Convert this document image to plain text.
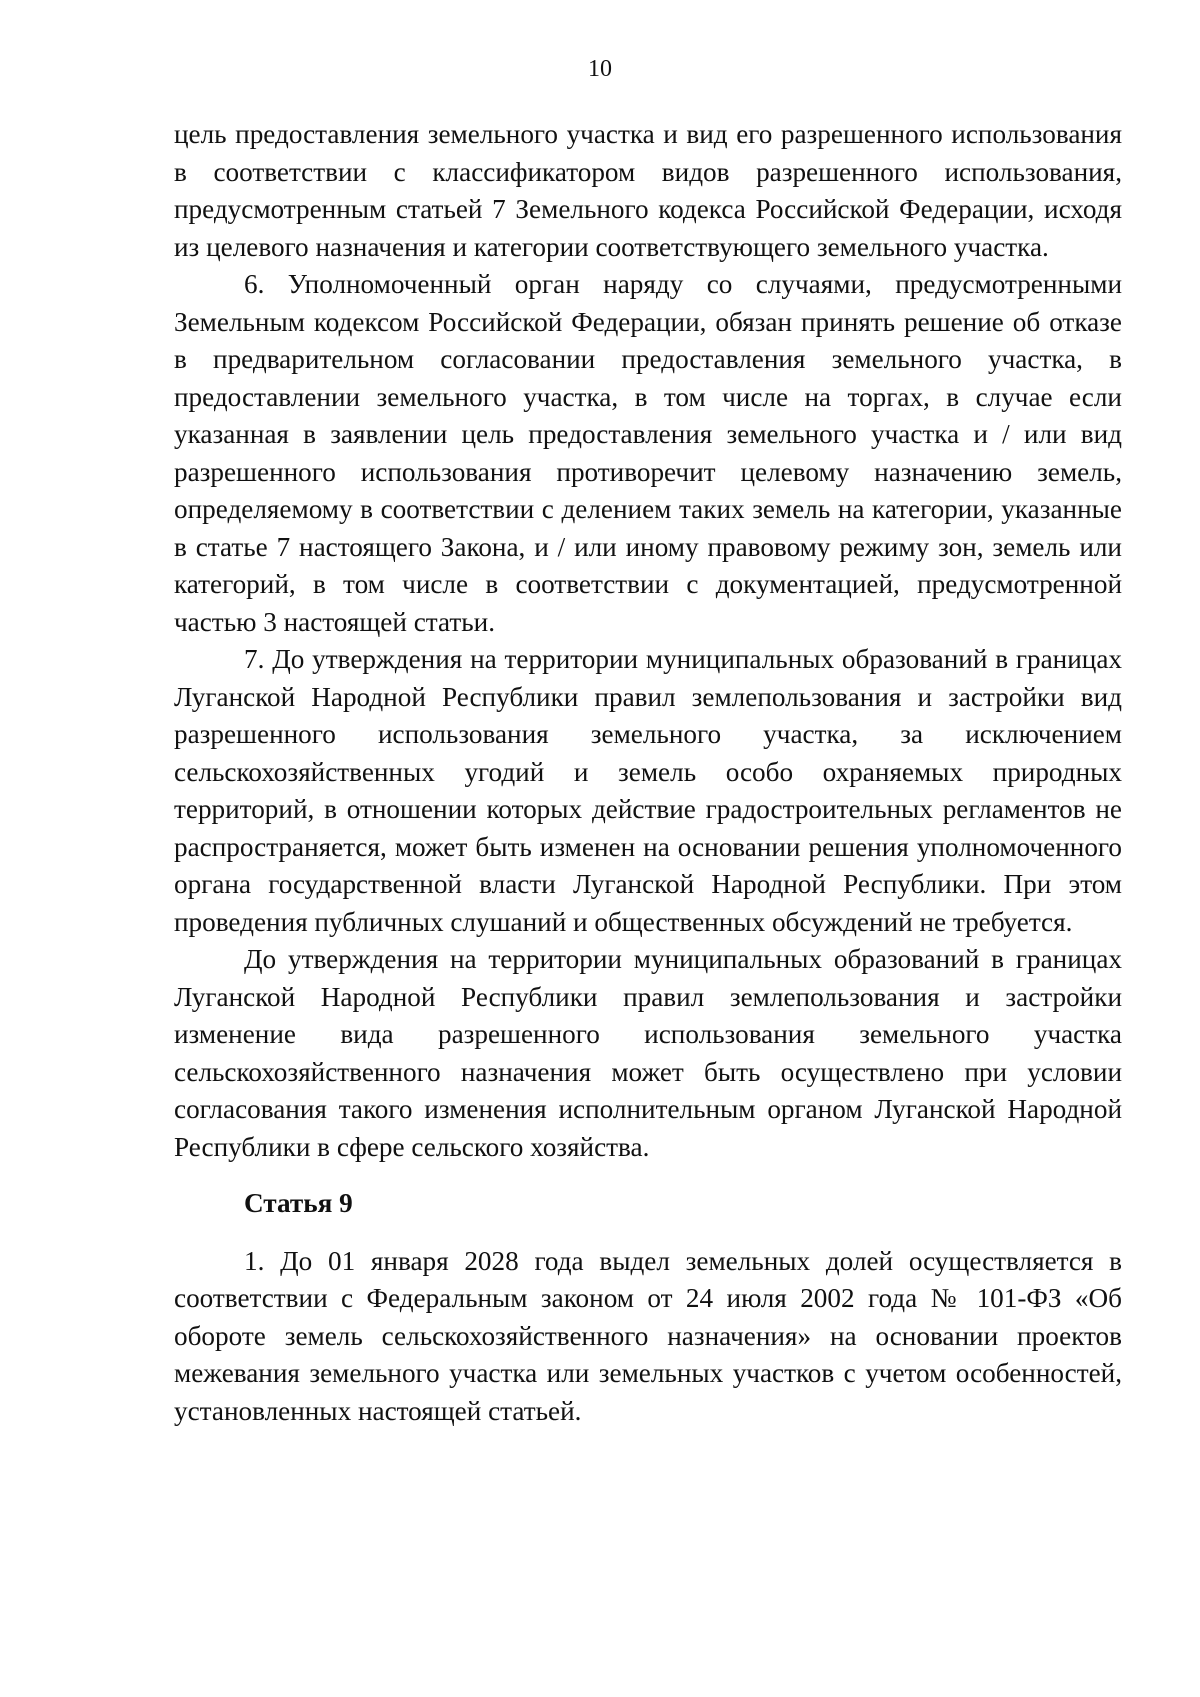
10

цель предоставления земельного участка и вид его разрешенного использования в соответствии с классификатором видов разрешенного использования, предусмотренным статьей 7 Земельного кодекса Российской Федерации, исходя из целевого назначения и категории соответствующего земельного участка.

6. Уполномоченный орган наряду со случаями, предусмотренными Земельным кодексом Российской Федерации, обязан принять решение об отказе в предварительном согласовании предоставления земельного участка, в предоставлении земельного участка, в том числе на торгах, в случае если указанная в заявлении цель предоставления земельного участка и / или вид разрешенного использования противоречит целевому назначению земель, определяемому в соответствии с делением таких земель на категории, указанные в статье 7 настоящего Закона, и / или иному правовому режиму зон, земель или категорий, в том числе в соответствии с документацией, предусмотренной частью 3 настоящей статьи.

7. До утверждения на территории муниципальных образований в границах Луганской Народной Республики правил землепользования и застройки вид разрешенного использования земельного участка, за исключением сельскохозяйственных угодий и земель особо охраняемых природных территорий, в отношении которых действие градостроительных регламентов не распространяется, может быть изменен на основании решения уполномоченного органа государственной власти Луганской Народной Республики. При этом проведения публичных слушаний и общественных обсуждений не требуется.

До утверждения на территории муниципальных образований в границах Луганской Народной Республики правил землепользования и застройки изменение вида разрешенного использования земельного участка сельскохозяйственного назначения может быть осуществлено при условии согласования такого изменения исполнительным органом Луганской Народной Республики в сфере сельского хозяйства.

Статья 9

1. До 01 января 2028 года выдел земельных долей осуществляется в соответствии с Федеральным законом от 24 июля 2002 года № 101-ФЗ «Об обороте земель сельскохозяйственного назначения» на основании проектов межевания земельного участка или земельных участков с учетом особенностей, установленных настоящей статьей.
